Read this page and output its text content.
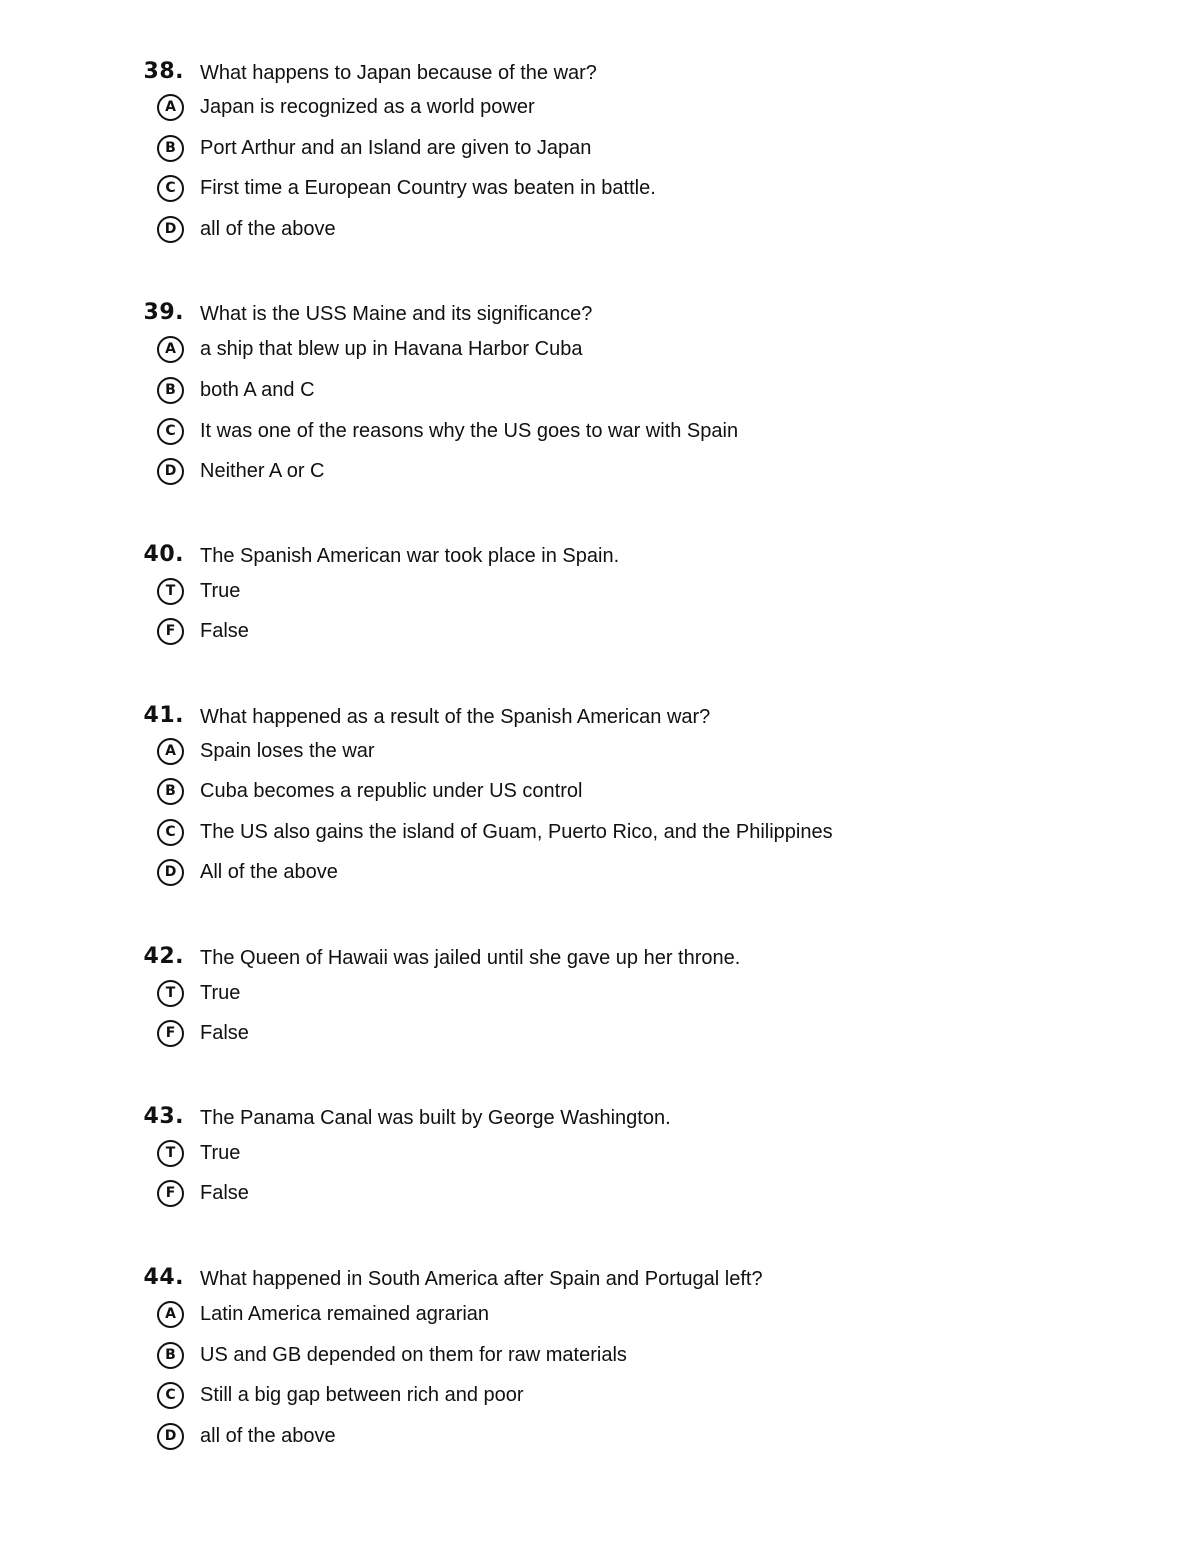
38. What happens to Japan because of the war?
A	Japan is recognized as a world power
B	Port Arthur and an Island are given to Japan
C	First time a European Country was beaten in battle.
D	all of the above
39. What is the USS Maine and its significance?
A	a ship that blew up in Havana Harbor Cuba
B	both A and C
C	It was one of the reasons why the US goes to war with Spain
D	Neither A or C
40. The Spanish American war took place in Spain.
T	True
F	False
41. What happened as a result of the Spanish American war?
A	Spain loses the war
B	Cuba becomes a republic under US control
C	The US also gains the island of Guam, Puerto Rico, and the Philippines
D	All of the above
42. The Queen of Hawaii was jailed until she gave up her throne.
T	True
F	False
43. The Panama Canal was built by George Washington.
T	True
F	False
44. What happened in South America after Spain and Portugal left?
A	Latin America remained agrarian
B	US and GB depended on them for raw materials
C	Still a big gap between rich and poor
D	all of the above
